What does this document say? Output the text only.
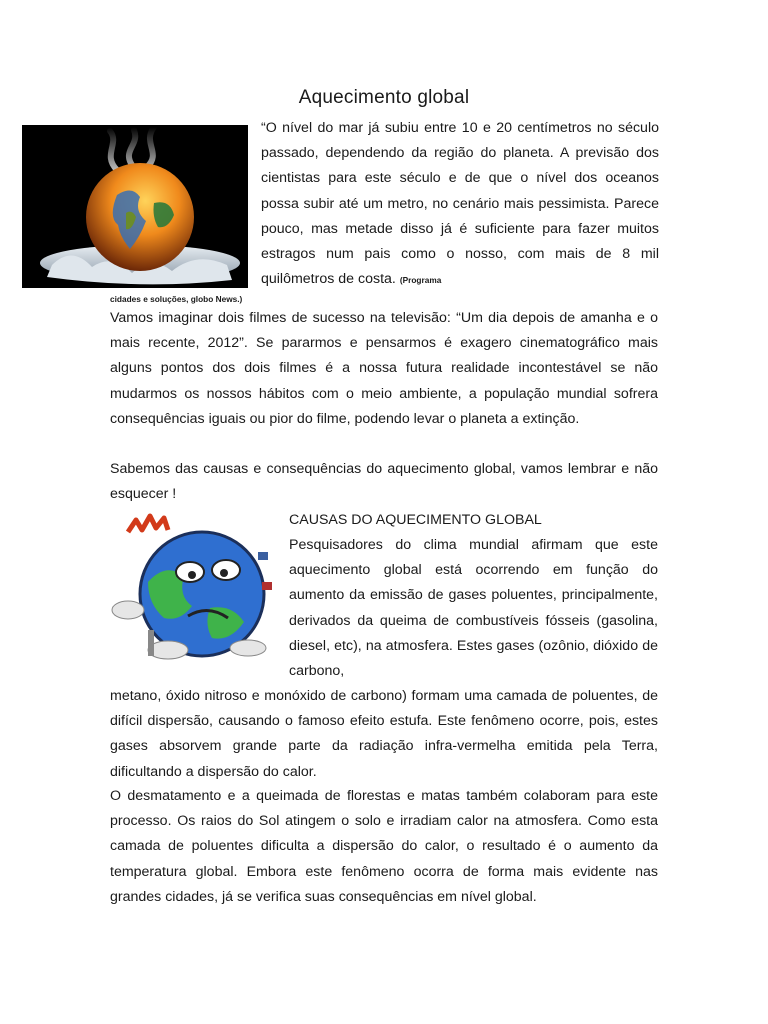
Aquecimento global

“O nível do mar já subiu entre 10 e 20 centímetros no século passado, dependendo da região do planeta. A previsão dos cientistas para este século e de que o nível dos oceanos possa subir até um metro, no cenário mais pessimista. Parece pouco, mas metade disso já é suficiente para fazer muitos estragos num pais como o nosso, com mais de 8 mil quilômetros de costa. (Programa

cidades e soluções, globo News.)

Vamos imaginar dois filmes de sucesso na televisão: “Um dia depois de amanha e o mais recente, 2012”. Se pararmos e pensarmos é exagero cinematográfico mais alguns pontos dos dois filmes é a nossa futura realidade incontestável se não mudarmos os nossos hábitos com o meio ambiente, a população mundial sofrera consequências iguais ou pior do filme, podendo levar o planeta a extinção.

Sabemos das causas e consequências do aquecimento global, vamos lembrar e não esquecer !

CAUSAS DO AQUECIMENTO GLOBAL

Pesquisadores do clima mundial afirmam que este aquecimento global está ocorrendo em função do aumento da emissão de gases poluentes, principalmente, derivados da queima de combustíveis fósseis (gasolina, diesel, etc), na atmosfera. Estes gases (ozônio, dióxido de carbono,

metano, óxido nitroso e monóxido de carbono) formam uma camada de poluentes, de difícil dispersão, causando o famoso efeito estufa. Este fenômeno ocorre, pois, estes gases absorvem grande parte da radiação infra-vermelha emitida pela Terra, dificultando a dispersão do calor.

O desmatamento e a queimada de florestas e matas também colaboram para este processo. Os raios do Sol atingem o solo e irradiam calor na atmosfera. Como esta camada de poluentes dificulta a dispersão do calor, o resultado é o aumento da temperatura global. Embora este fenômeno ocorra de forma mais evidente nas grandes cidades, já se verifica suas consequências em nível global.
